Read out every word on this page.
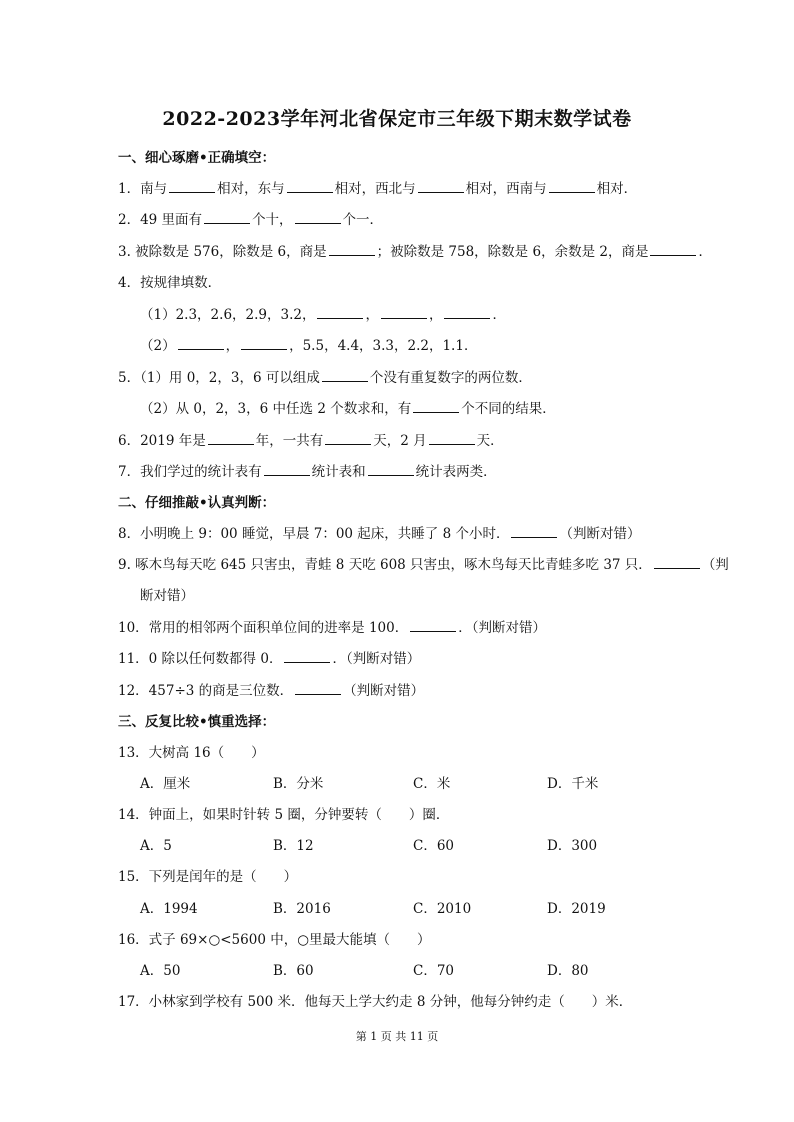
2022-2023学年河北省保定市三年级下期末数学试卷
一、细心琢磨•正确填空：
1．南与	相对，东与	相对，西北与	相对，西南与	相对．
2．49 里面有	个十，	个一．
3. 被除数是 576，除数是 6，商是	；被除数是 758，除数是 6，余数是 2，商是	．
4．按规律填数．
（1）2.3，2.6，2.9，3.2，	，	，	．
（2）	，	，5.5，4.4，3.3，2.2，1.1．
5．（1）用 0，2，3，6 可以组成	个没有重复数字的两位数．
（2）从 0，2，3，6 中任选 2 个数求和，有	个不同的结果．
6．2019 年是	年，一共有	天，2 月	天．
7．我们学过的统计表有	统计表和	统计表两类．
二、仔细推敲•认真判断：
8．小明晚上 9：00 睡觉，早晨 7：00 起床，共睡了 8 个小时．	（判断对错）
9. 啄木鸟每天吃 645 只害虫，青蛙 8 天吃 608 只害虫，啄木鸟每天比青蛙多吃 37 只．	（判
断对错）
10．常用的相邻两个面积单位间的进率是 100．	．（判断对错）
11．0 除以任何数都得 0．	．（判断对错）
12．457÷3 的商是三位数．	（判断对错）
三、反复比较•慎重选择：
13．大树高 16（　　）
A．厘米	B．分米	C．米	D．千米
14．钟面上，如果时针转 5 圈，分钟要转（　　）圈．
A．5	B．12	C．60	D．300
15．下列是闰年的是（　　）
A．1994	B．2016	C．2010	D．2019
16．式子 69×○<5600 中，○里最大能填（　　）
A．50	B．60	C．70	D．80
17．小林家到学校有 500 米．他每天上学大约走 8 分钟，他每分钟约走（　　）米．
第 1 页 共 11 页
